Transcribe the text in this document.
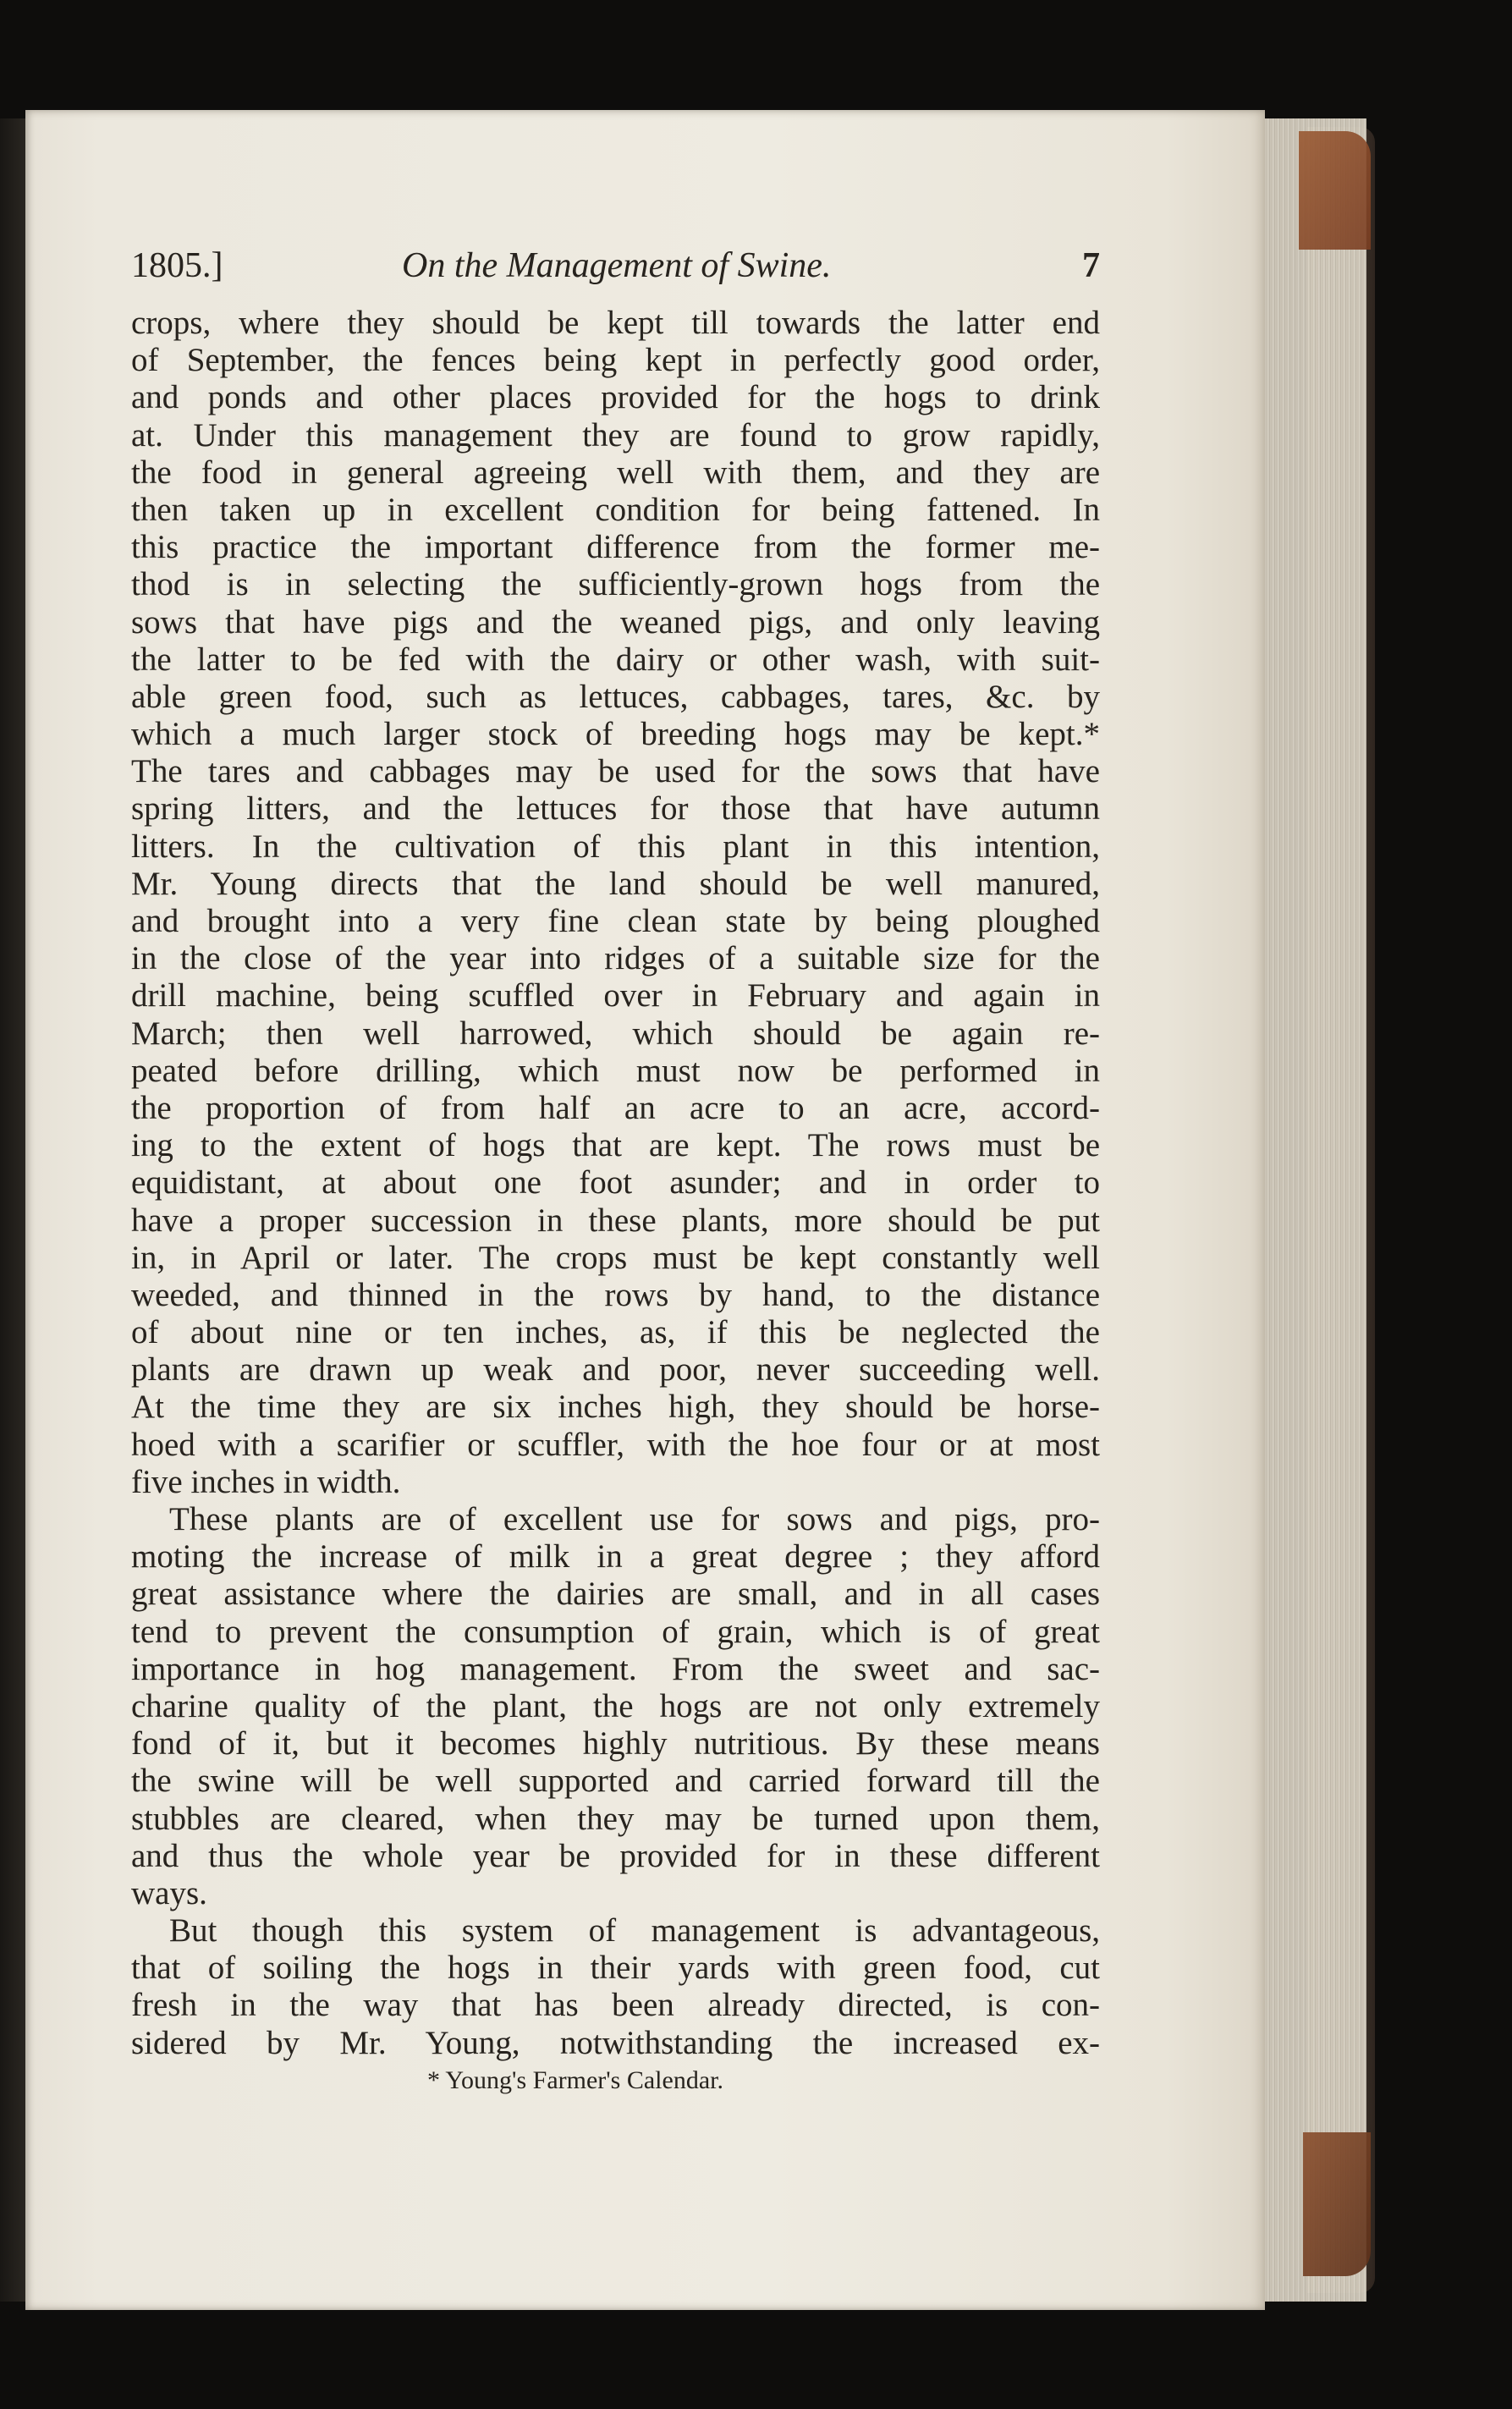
1805.]	On the Management of Swine.	7
crops, where they should be kept till towards the latter end
of September, the fences being kept in perfectly good order,
and ponds and other places provided for the hogs to drink
at. Under this management they are found to grow rapidly,
the food in general agreeing well with them, and they are
then taken up in excellent condition for being fattened. In
this practice the important difference from the former me-
thod is in selecting the sufficiently-grown hogs from the
sows that have pigs and the weaned pigs, and only leaving
the latter to be fed with the dairy or other wash, with suit-
able green food, such as lettuces, cabbages, tares, &c. by
which a much larger stock of breeding hogs may be kept.*
The tares and cabbages may be used for the sows that have
spring litters, and the lettuces for those that have autumn
litters. In the cultivation of this plant in this intention,
Mr. Young directs that the land should be well manured,
and brought into a very fine clean state by being ploughed
in the close of the year into ridges of a suitable size for the
drill machine, being scuffled over in February and again in
March; then well harrowed, which should be again re-
peated before drilling, which must now be performed in
the proportion of from half an acre to an acre, accord-
ing to the extent of hogs that are kept. The rows must be
equidistant, at about one foot asunder; and in order to
have a proper succession in these plants, more should be put
in, in April or later. The crops must be kept constantly well
weeded, and thinned in the rows by hand, to the distance
of about nine or ten inches, as, if this be neglected the
plants are drawn up weak and poor, never succeeding well.
At the time they are six inches high, they should be horse-
hoed with a scarifier or scuffler, with the hoe four or at most
five inches in width.
These plants are of excellent use for sows and pigs, pro-
moting the increase of milk in a great degree ; they afford
great assistance where the dairies are small, and in all cases
tend to prevent the consumption of grain, which is of great
importance in hog management. From the sweet and sac-
charine quality of the plant, the hogs are not only extremely
fond of it, but it becomes highly nutritious. By these means
the swine will be well supported and carried forward till the
stubbles are cleared, when they may be turned upon them,
and thus the whole year be provided for in these different
ways.
But though this system of management is advantageous,
that of soiling the hogs in their yards with green food, cut
fresh in the way that has been already directed, is con-
sidered by Mr. Young, notwithstanding the increased ex-
* Young's Farmer's Calendar.
